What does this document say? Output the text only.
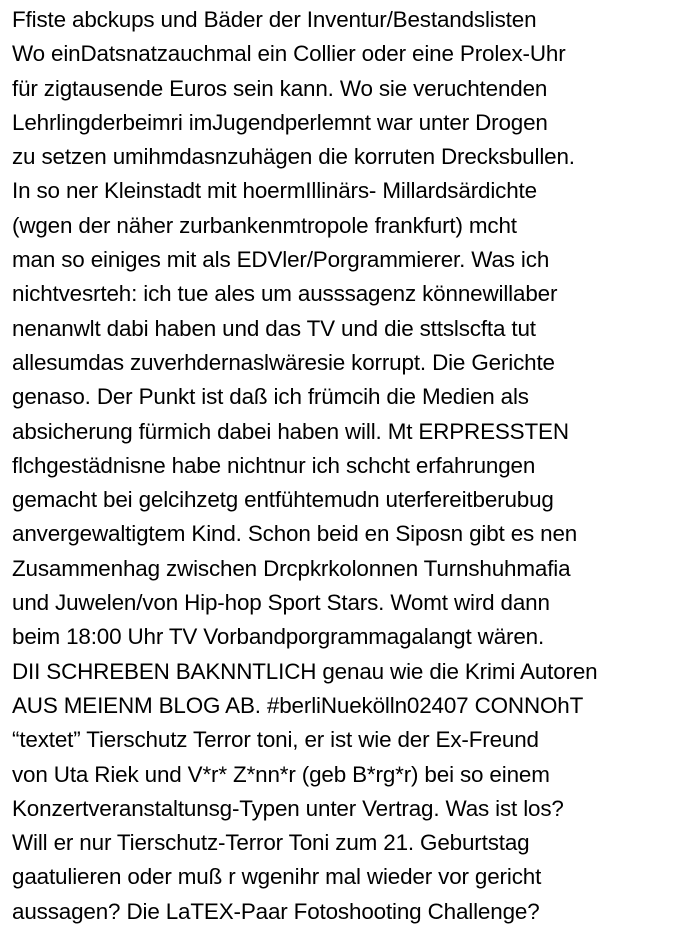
Ffiste abckups und Bäder der Inventur/Bestandslisten
Wo einDatsnatzauchmal ein Collier oder eine Prolex-Uhr
für zigtausende Euros sein kann. Wo sie veruchtenden
Lehrlingderbeimri imJugendperlemnt war unter Drogen
zu setzen umihmdasnzuhägen die korruten Drecksbullen.
In so ner Kleinstadt mit hoermIllinärs- Millardsärdichte
(wgen der näher zurbankenmtropole frankfurt) mcht
man so einiges mit als EDVler/Porgrammierer. Was ich
nichtvesrteh: ich tue ales um ausssagenz könnewillaber
nenanwlt dabi haben und das TV und die sttslscfta tut
allesumdas zuverhdernaslwäresie korrupt. Die Gerichte
genaso. Der Punkt ist daß ich frümcih die Medien als
absicherung fürmich dabei haben will. Mt ERPRESSTEN
flchgestädnisne habe nichtnur ich schcht erfahrungen
gemacht bei gelcihzetg entfühtemudn uterfereitberubug
anvergewaltigtem Kind. Schon beid en Siposn gibt es nen
Zusammenhag zwischen Drcpkrkolonnen Turnshuhmafia
und Juwelen/von Hip-hop Sport Stars. Womt wird dann
beim 18:00 Uhr TV Vorbandporgrammagalangt wären.
DII SCHREBEN BAKNNTLICH genau wie die Krimi Autoren
AUS MEIENM BLOG AB. #berliNuekölln02407 CONNOhT
“textet” Tierschutz Terror toni, er ist wie der Ex-Freund
von Uta Riek und V*r* Z*nn*r (geb B*rg*r) bei so einem
Konzertveranstaltunsg-Typen unter Vertrag. Was ist los?
Will er nur Tierschutz-Terror Toni zum 21. Geburtstag
gaatulieren oder muß r wgenihr mal wieder vor gericht
aussagen? Die LaTEX-Paar Fotoshooting Challenge?
